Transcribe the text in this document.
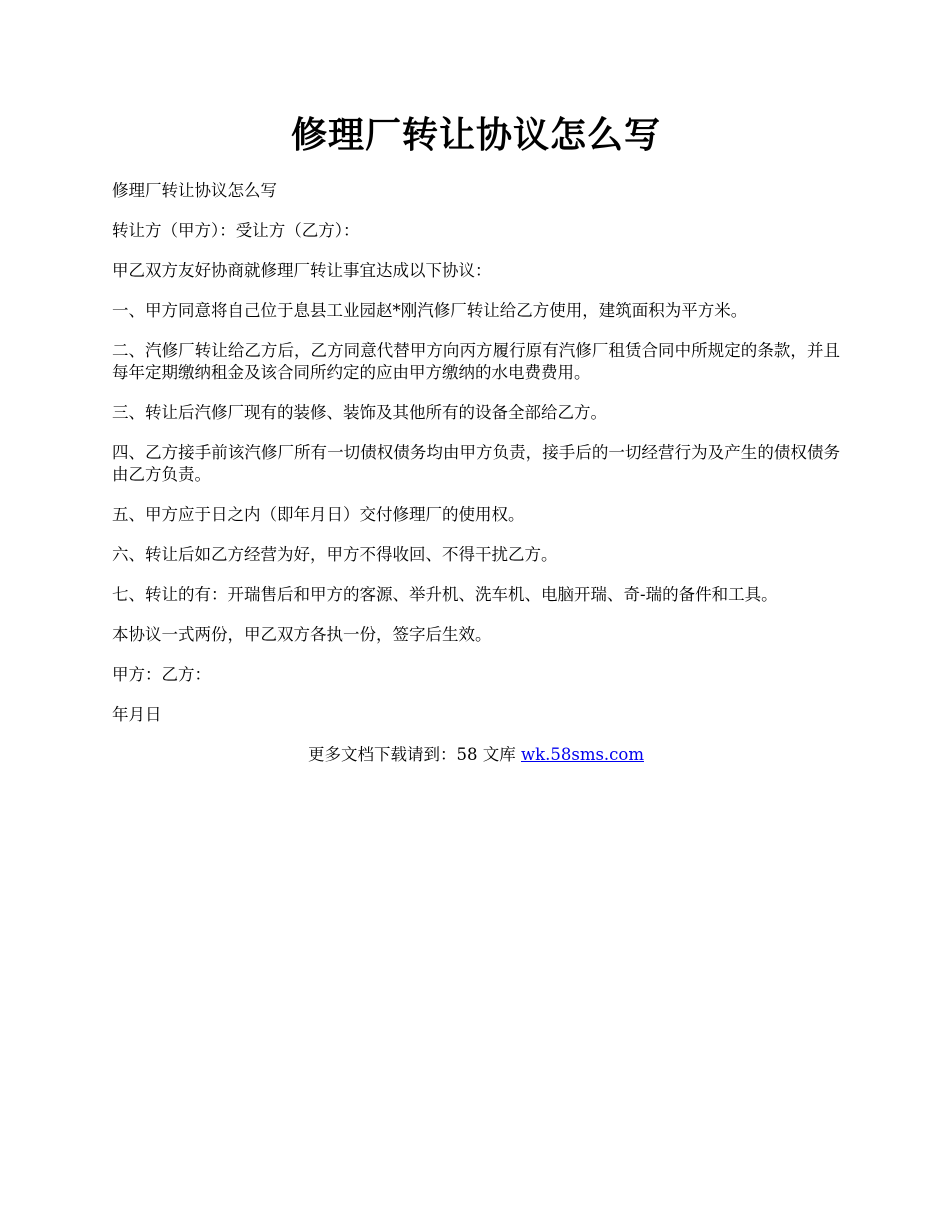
修理厂转让协议怎么写

修理厂转让协议怎么写

转让方（甲方）：受让方（乙方）：

甲乙双方友好协商就修理厂转让事宜达成以下协议：

一、甲方同意将自己位于息县工业园赵*刚汽修厂转让给乙方使用，建筑面积为平方米。

二、汽修厂转让给乙方后，乙方同意代替甲方向丙方履行原有汽修厂租赁合同中所规定的条款，并且每年定期缴纳租金及该合同所约定的应由甲方缴纳的水电费费用。

三、转让后汽修厂现有的装修、装饰及其他所有的设备全部给乙方。

四、乙方接手前该汽修厂所有一切债权债务均由甲方负责，接手后的一切经营行为及产生的债权债务由乙方负责。

五、甲方应于日之内（即年月日）交付修理厂的使用权。

六、转让后如乙方经营为好，甲方不得收回、不得干扰乙方。

七、转让的有：开瑞售后和甲方的客源、举升机、洗车机、电脑开瑞、奇-瑞的备件和工具。

本协议一式两份，甲乙双方各执一份，签字后生效。

甲方：乙方：

年月日

更多文档下载请到：58 文库 wk.58sms.com
